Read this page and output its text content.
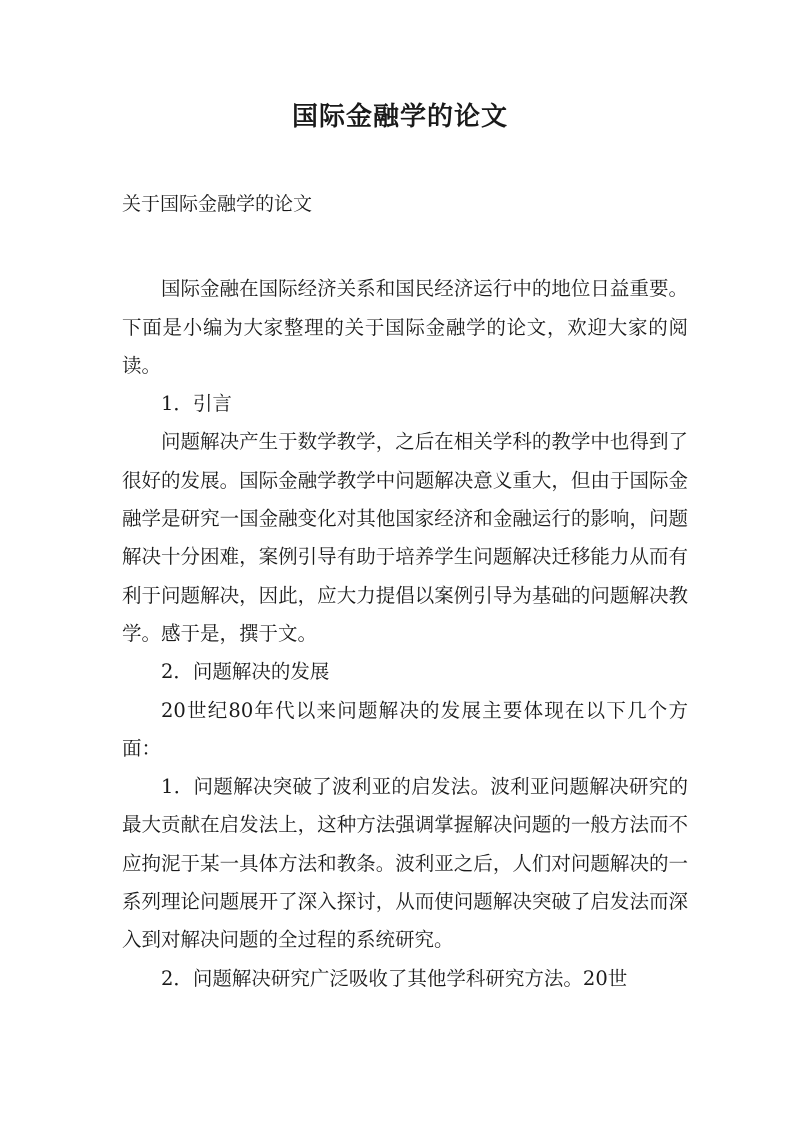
国际金融学的论文

关于国际金融学的论文

国际金融在国际经济关系和国民经济运行中的地位日益重要。下面是小编为大家整理的关于国际金融学的论文，欢迎大家的阅读。

1．引言

问题解决产生于数学教学，之后在相关学科的教学中也得到了很好的发展。国际金融学教学中问题解决意义重大，但由于国际金融学是研究一国金融变化对其他国家经济和金融运行的影响，问题解决十分困难，案例引导有助于培养学生问题解决迁移能力从而有利于问题解决，因此，应大力提倡以案例引导为基础的问题解决教学。感于是，撰于文。

2．问题解决的发展

20世纪80年代以来问题解决的发展主要体现在以下几个方面：

1．问题解决突破了波利亚的启发法。波利亚问题解决研究的最大贡献在启发法上，这种方法强调掌握解决问题的一般方法而不应拘泥于某一具体方法和教条。波利亚之后，人们对问题解决的一系列理论问题展开了深入探讨，从而使问题解决突破了启发法而深入到对解决问题的全过程的系统研究。

2．问题解决研究广泛吸收了其他学科研究方法。20世
